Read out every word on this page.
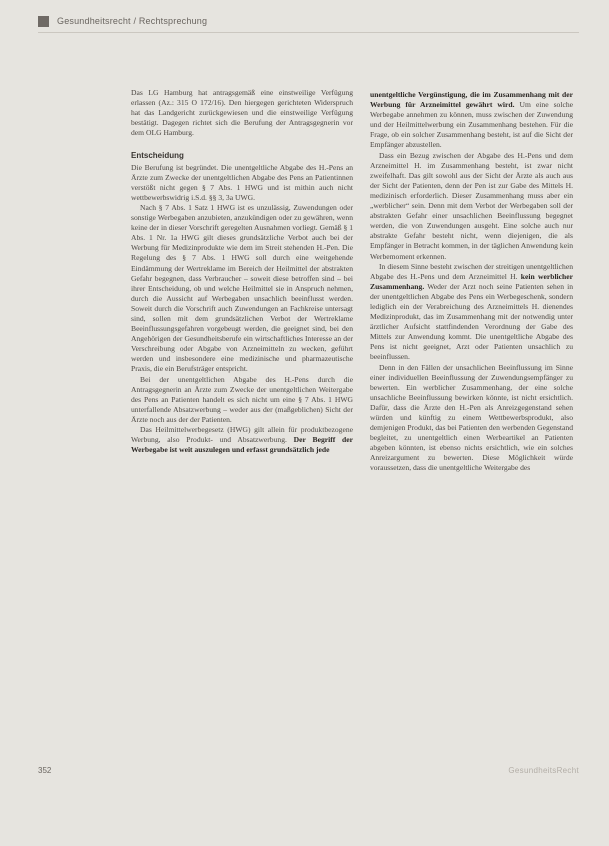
Gesundheitsrecht / Rechtsprechung

Das LG Hamburg hat antragsgemäß eine einstweilige Verfügung erlassen (Az.: 315 O 172/16). Den hiergegen gerichteten Widerspruch hat das Landgericht zurückgewiesen und die einstweilige Verfügung bestätigt. Dagegen richtet sich die Berufung der Antragsgegnerin vor dem OLG Hamburg.

Entscheidung

Die Berufung ist begründet. Die unentgeltliche Abgabe des H.-Pens an Ärzte zum Zwecke der unentgeltlichen Abgabe des Pens an Patientinnen verstößt nicht gegen § 7 Abs. 1 HWG und ist mithin auch nicht wettbewerbswidrig i.S.d. §§ 3, 3a UWG.

Nach § 7 Abs. 1 Satz 1 HWG ist es unzulässig, Zuwendungen oder sonstige Werbegaben anzubieten, anzukündigen oder zu gewähren, wenn keine der in dieser Vorschrift geregelten Ausnahmen vorliegt. Gemäß § 1 Abs. 1 Nr. 1a HWG gilt dieses grundsätzliche Verbot auch bei der Werbung für Medizinprodukte wie dem im Streit stehenden H.-Pen. Die Regelung des § 7 Abs. 1 HWG soll durch eine weitgehende Eindämmung der Wertreklame im Bereich der Heilmittel der abstrakten Gefahr begegnen, dass Verbraucher – soweit diese betroffen sind – bei ihrer Entscheidung, ob und welche Heilmittel sie in Anspruch nehmen, durch die Aussicht auf Werbegaben unsachlich beeinflusst werden. Soweit durch die Vorschrift auch Zuwendungen an Fachkreise untersagt sind, sollen mit dem grundsätzlichen Verbot der Wertreklame Beeinflussungsgefahren vorgebeugt werden, die geeignet sind, bei den Angehörigen der Gesundheitsberufe ein wirtschaftliches Interesse an der Verschreibung oder Abgabe von Arzneimitteln zu wecken, geführt werden und insbesondere eine medizinische und pharmazeutische Praxis, die ein Berufsträger entspricht.

Bei der unentgeltlichen Abgabe des H.-Pens durch die Antragsgegnerin an Ärzte zum Zwecke der unentgeltlichen Weitergabe des Pens an Patienten handelt es sich nicht um eine § 7 Abs. 1 HWG unterfallende Absatzwerbung – weder aus der (maßgeblichen) Sicht der Ärzte noch aus der der Patienten.

Das Heilmittelwerbegesetz (HWG) gilt allein für produktbezogene Werbung, also Produkt- und Absatzwerbung. Der Begriff der Werbegabe ist weit auszulegen und erfasst grundsätzlich jede

unentgeltliche Vergünstigung, die im Zusammenhang mit der Werbung für Arzneimittel gewährt wird. Um eine solche Werbegabe annehmen zu können, muss zwischen der Zuwendung und der Heilmittelwerbung ein Zusammenhang bestehen. Für die Frage, ob ein solcher Zusammenhang besteht, ist auf die Sicht der Empfänger abzustellen.

Dass ein Bezug zwischen der Abgabe des H.-Pens und dem Arzneimittel H. im Zusammenhang besteht, ist zwar nicht zweifelhaft. Das gilt sowohl aus der Sicht der Ärzte als auch aus der Sicht der Patienten, denn der Pen ist zur Gabe des Mittels H. medizinisch erforderlich. Dieser Zusammenhang muss aber ein „werblicher“ sein. Denn mit dem Verbot der Werbegaben soll der abstrakten Gefahr einer unsachlichen Beeinflussung begegnet werden, die von Zuwendungen ausgeht. Eine solche auch nur abstrakte Gefahr besteht nicht, wenn diejenigen, die als Empfänger in Betracht kommen, in der täglichen Anwendung kein Werbemoment erkennen.

In diesem Sinne besteht zwischen der streitigen unentgeltlichen Abgabe des H.-Pens und dem Arzneimittel H. kein werblicher Zusammenhang. Weder der Arzt noch seine Patienten sehen in der unentgeltlichen Abgabe des Pens ein Werbegeschenk, sondern lediglich ein der Verabreichung des Arzneimittels H. dienendes Medizinprodukt, das im Zusammenhang mit der notwendig unter ärztlicher Aufsicht stattfindenden Verordnung der Gabe des Mittels zur Anwendung kommt. Die unentgeltliche Abgabe des Pens ist nicht geeignet, Arzt oder Patienten unsachlich zu beeinflussen.

Denn in den Fällen der unsachlichen Beeinflussung im Sinne einer individuellen Beeinflussung der Zuwendungsempfänger zu bewerten. Ein werblicher Zusammenhang, der eine solche unsachliche Beeinflussung bewirken könnte, ist nicht ersichtlich. Dafür, dass die Ärzte den H.-Pen als Anreizgegenstand sehen würden und künftig zu einem Wettbewerbsprodukt, also demjenigen Produkt, das bei Patienten den werbenden Gegenstand begleitet, zu unentgeltlich einen Werbeartikel an Patienten abgeben könnten, ist ebenso nichts ersichtlich, wie ein solches Anreizargument zu bewerten. Diese Möglichkeit würde voraussetzen, dass die unentgeltliche Weitergabe des

352	GesundheitsRecht
